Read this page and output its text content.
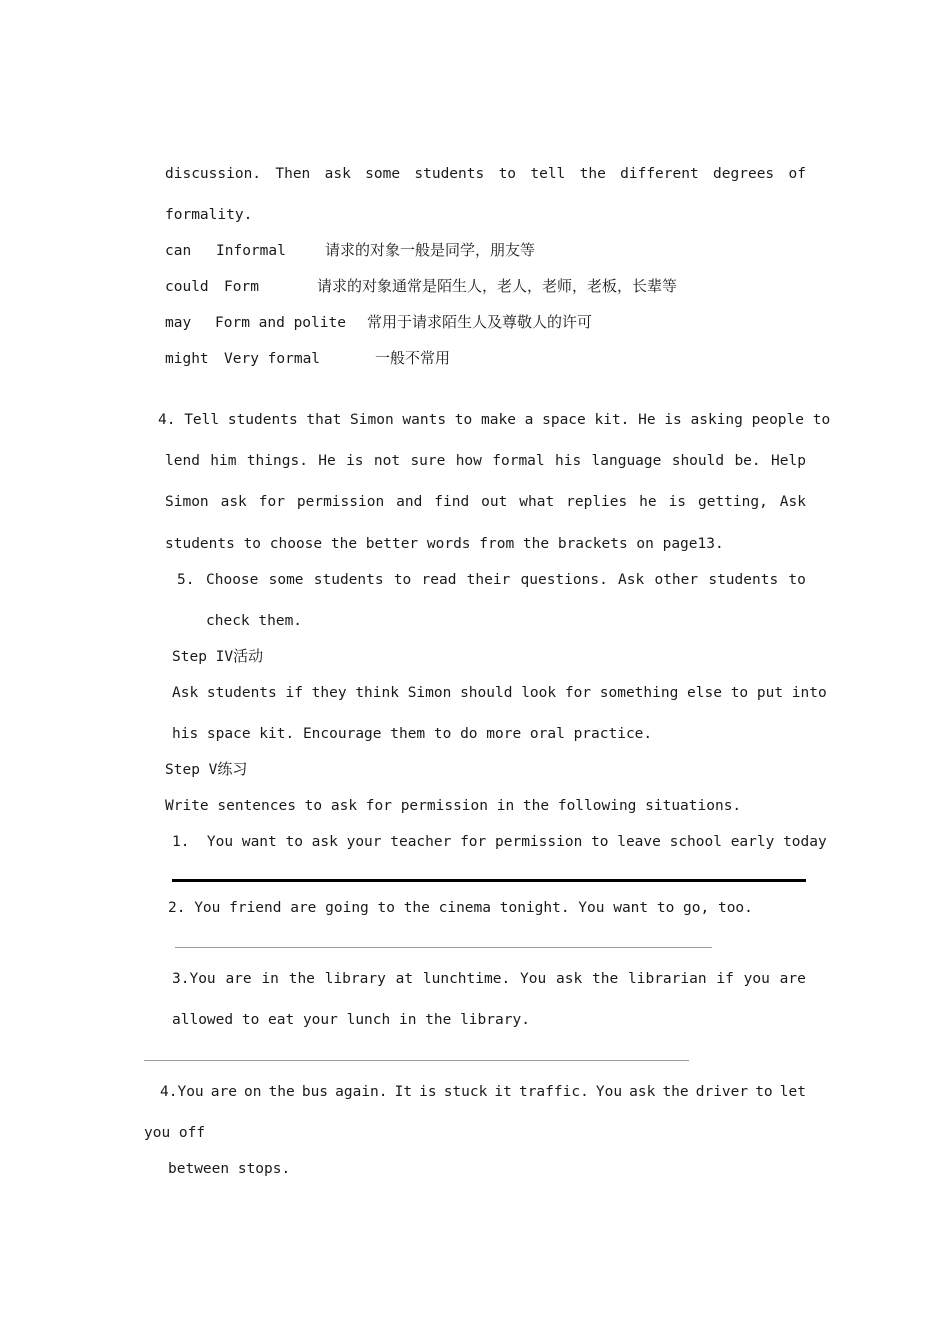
discussion. Then ask some students to tell the different degrees of
formality.
can Informal	请求的对象一般是同学，朋友等
could Form	请求的对象通常是陌生人，老人，老师，老板，长辈等
may Form and polite 常用于请求陌生人及尊敬人的许可
might Very formal	一般不常用
4. Tell students that Simon wants to make a space kit. He is asking people to
lend him things. He is not sure how formal his language should be. Help
Simon ask for permission and find out what replies he is getting, Ask
students to choose the better words from the brackets on page13.
5. Choose some students to read their questions. Ask other students to
check them.
Step IV活动
Ask students if they think Simon should look for something else to put into
his space kit. Encourage them to do more oral practice.
Step V练习
Write sentences to ask for permission in the following situations.
1.  You want to ask your teacher for permission to leave school early today
2. You friend are going to the cinema tonight. You want to go, too.
3.You are in the library at lunchtime. You ask the librarian if you are
allowed to eat your lunch in the library.
4.You are on the bus again. It is stuck it traffic. You ask the driver to let
you off
between stops.
